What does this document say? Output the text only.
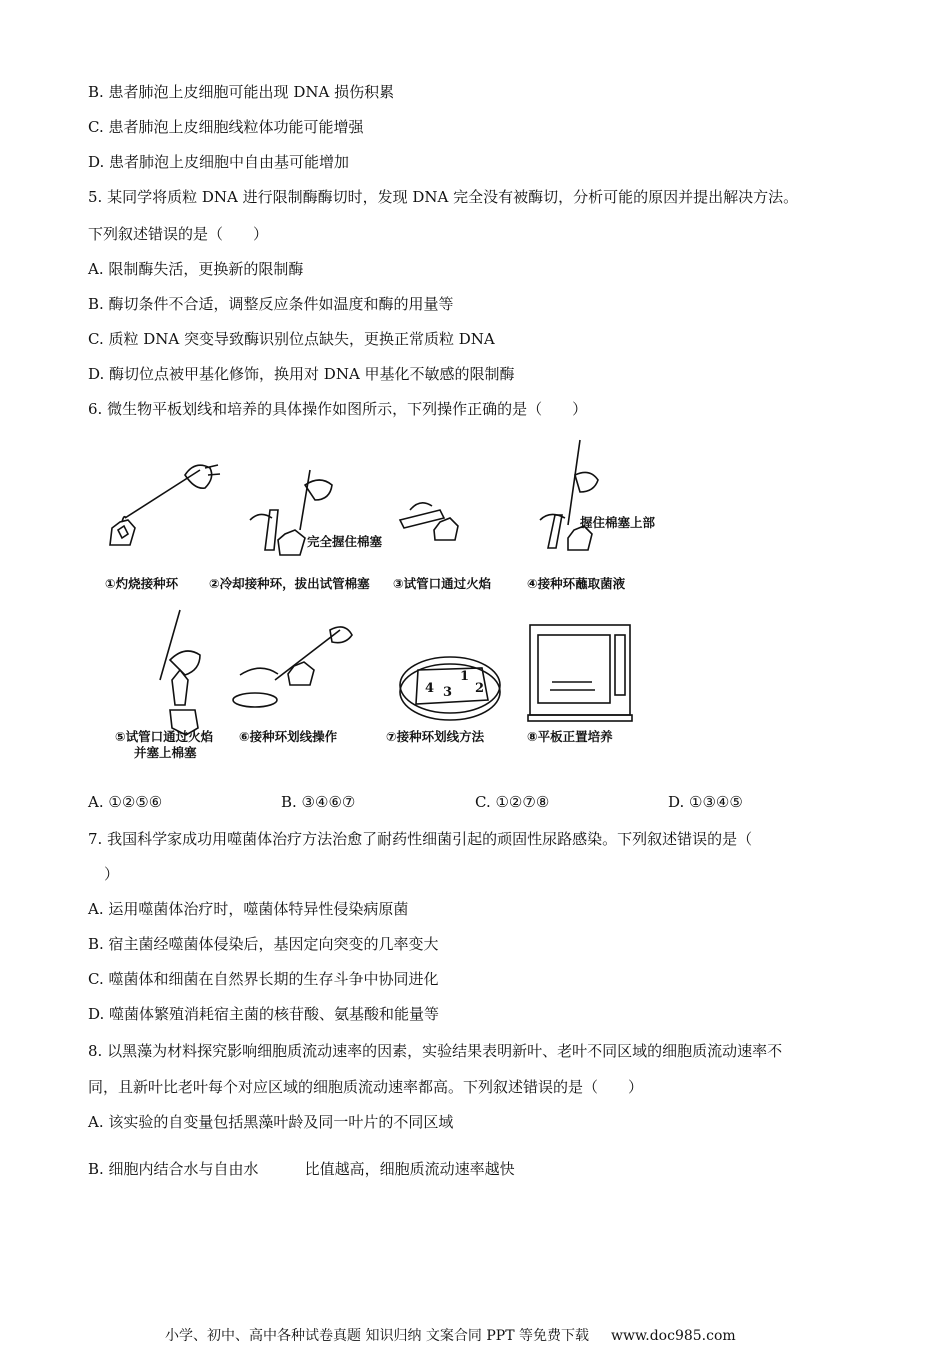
B. 患者肺泡上皮细胞可能出现 DNA 损伤积累
C. 患者肺泡上皮细胞线粒体功能可能增强
D. 患者肺泡上皮细胞中自由基可能增加
5. 某同学将质粒 DNA 进行限制酶酶切时，发现 DNA 完全没有被酶切，分析可能的原因并提出解决方法。
下列叙述错误的是（　　）
A. 限制酶失活，更换新的限制酶
B. 酶切条件不合适，调整反应条件如温度和酶的用量等
C. 质粒 DNA 突变导致酶识别位点缺失，更换正常质粒 DNA
D. 酶切位点被甲基化修饰，换用对 DNA 甲基化不敏感的限制酶
6. 微生物平板划线和培养的具体操作如图所示，下列操作正确的是（　　）
4 3
1
2
完全握住棉塞
握住棉塞上部
①灼烧接种环 ②冷却接种环，拔出试管棉塞 ③试管口通过火焰	④接种环蘸取菌液
⑤试管口通过火焰
并塞上棉塞
⑥接种环划线操作	⑦接种环划线方法	⑧平板正置培养
A. ①②⑤⑥	B. ③④⑥⑦	C. ①②⑦⑧	D. ①③④⑤
7. 我国科学家成功用噬菌体治疗方法治愈了耐药性细菌引起的顽固性尿路感染。下列叙述错误的是（
）
A. 运用噬菌体治疗时，噬菌体特异性侵染病原菌
B. 宿主菌经噬菌体侵染后，基因定向突变的几率变大
C. 噬菌体和细菌在自然界长期的生存斗争中协同进化
D. 噬菌体繁殖消耗宿主菌的核苷酸、氨基酸和能量等
8. 以黑藻为材料探究影响细胞质流动速率的因素，实验结果表明新叶、老叶不同区域的细胞质流动速率不
同，且新叶比老叶每个对应区域的细胞质流动速率都高。下列叙述错误的是（　　）
A. 该实验的自变量包括黑藻叶龄及同一叶片的不同区域
B. 细胞内结合水与自由水	比值越高，细胞质流动速率越快
小学、初中、高中各种试卷真题 知识归纳 文案合同 PPT 等免费下载 www.doc985.com
